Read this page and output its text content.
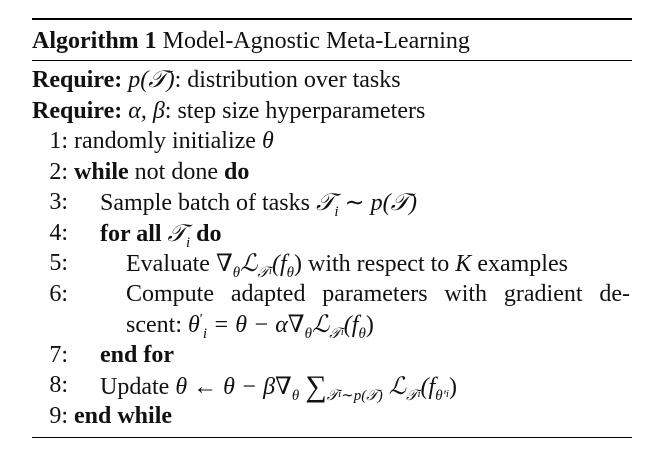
Algorithm 1 Model-Agnostic Meta-Learning
Require: p(𝒯): distribution over tasks
Require: α, β: step size hyperparameters
1: randomly initialize θ
2: while not done do
3: Sample batch of tasks 𝒯$_i$ ∼ p(𝒯)
4: for all 𝒯$_i$ do
5: Evaluate $\nabla_\theta ℒ_𝒯i(f_\theta)$ with respect to K examples
6: Compute adapted parameters with gradient de-
scent: $\theta'_i = \theta$ − $\alpha\nabla_\theta ℒ_𝒯i(f_\theta)$
7: end for
8: Update θ ← $\theta - \beta\nabla_\theta$ $\sum_𝒯i_{\sim p(𝒯)}$ $ℒ_𝒯i(f_{\theta'}i)$
9: end while
